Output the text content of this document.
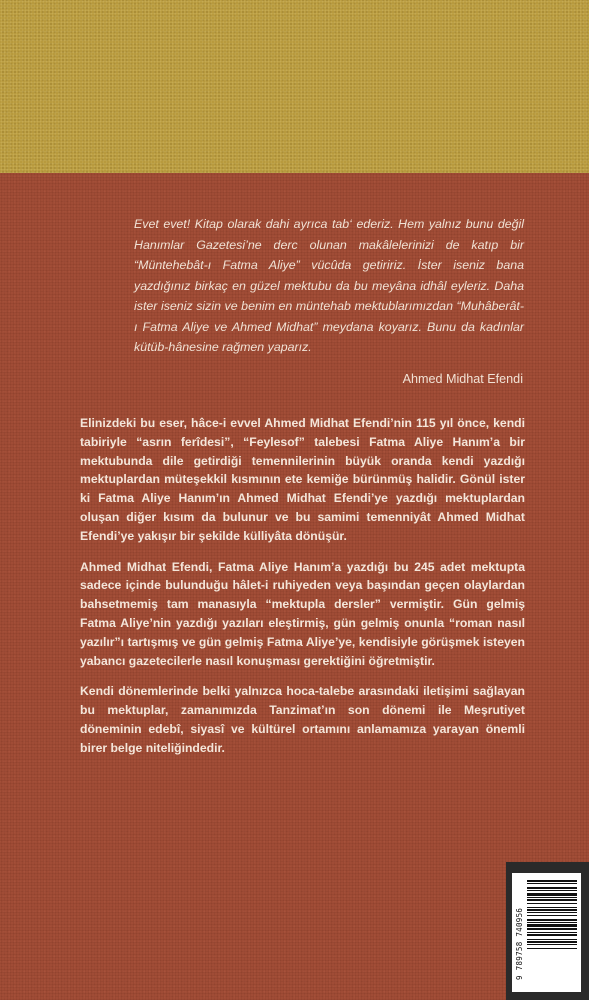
Evet evet! Kitap olarak dahi ayrıca tab‘ ederiz. Hem yalnız bunu değil Hanımlar Gazetesi’ne derc olunan makâlelerinizi de katıp bir “Müntehebât-ı Fatma Aliye” vücûda getiririz. İster iseniz bana yazdığınız birkaç en güzel mektubu da bu meyâna idhâl eyleriz. Daha ister iseniz sizin ve benim en müntehab mektublarımızdan “Muhâberât-ı Fatma Aliye ve Ahmed Midhat” meydana koyarız. Bunu da kadınlar kütüb-hânesine rağmen yaparız.

Ahmed Midhat Efendi

Elinizdeki bu eser, hâce-i evvel Ahmed Midhat Efendi’nin 115 yıl önce, kendi tabiriyle “asrın ferîdesi”, “Feylesof” talebesi Fatma Aliye Hanım’a bir mektubunda dile getirdiği temennilerinin büyük oranda kendi yazdığı mektuplardan müteşekkil kısmının ete kemiğe bürünmüş halidir. Gönül ister ki Fatma Aliye Hanım’ın Ahmed Midhat Efendi’ye yazdığı mektuplardan oluşan diğer kısım da bulunur ve bu samimi temenniyât Ahmed Midhat Efendi’ye yakışır bir şekilde külliyâta dönüşür.

Ahmed Midhat Efendi, Fatma Aliye Hanım’a yazdığı bu 245 adet mektupta sadece içinde bulunduğu hâlet-i ruhiyeden veya başından geçen olaylardan bahsetmemiş tam manasıyla “mektupla dersler” vermiştir. Gün gelmiş Fatma Aliye’nin yazdığı yazıları eleştirmiş, gün gelmiş onunla “roman nasıl yazılır”ı tartışmış ve gün gelmiş Fatma Aliye’ye, kendisiyle görüşmek isteyen yabancı gazetecilerle nasıl konuşması gerektiğini öğretmiştir.

Kendi dönemlerinde belki yalnızca hoca-talebe arasındaki iletişimi sağlayan bu mektuplar, zamanımızda Tanzimat’ın son dönemi ile Meşrutiyet döneminin edebî, siyasî ve kültürel ortamını anlamamıza yarayan önemli birer belge niteliğindedir.

9 789758 740956
